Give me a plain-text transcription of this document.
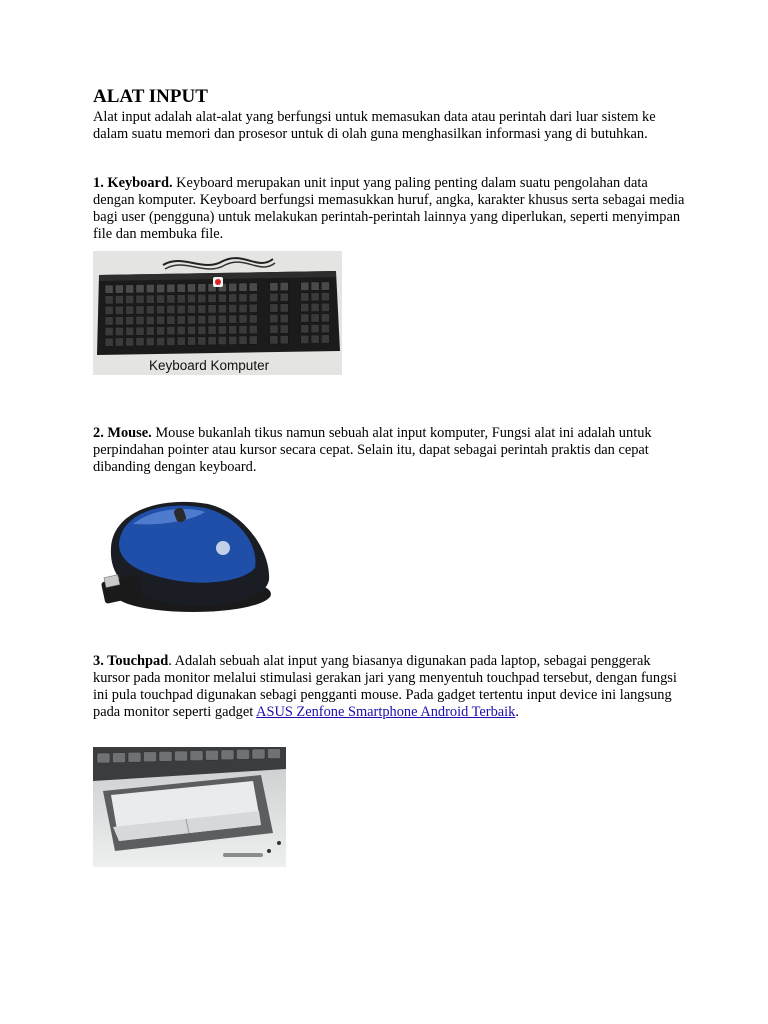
ALAT INPUT

Alat input adalah alat-alat yang berfungsi untuk memasukan data atau perintah dari luar sistem ke dalam suatu memori dan prosesor untuk di olah guna menghasilkan informasi yang di butuhkan.

1. Keyboard. Keyboard merupakan unit input yang paling penting dalam suatu pengolahan data dengan komputer. Keyboard berfungsi memasukkan huruf, angka, karakter khusus serta sebagai media bagi user (pengguna) untuk melakukan perintah-perintah lainnya yang diperlukan, seperti menyimpan file dan membuka file.

Keyboard Komputer

2. Mouse. Mouse bukanlah tikus namun sebuah alat input komputer, Fungsi alat ini adalah untuk perpindahan pointer atau kursor secara cepat. Selain itu, dapat sebagai perintah praktis dan cepat dibanding dengan keyboard.

3. Touchpad. Adalah sebuah alat input yang biasanya digunakan pada laptop, sebagai penggerak kursor pada monitor melalui stimulasi gerakan jari yang menyentuh touchpad tersebut, dengan fungsi ini pula touchpad digunakan sebagi pengganti mouse. Pada gadget tertentu input device ini langsung pada monitor seperti gadget ASUS Zenfone Smartphone Android Terbaik.
